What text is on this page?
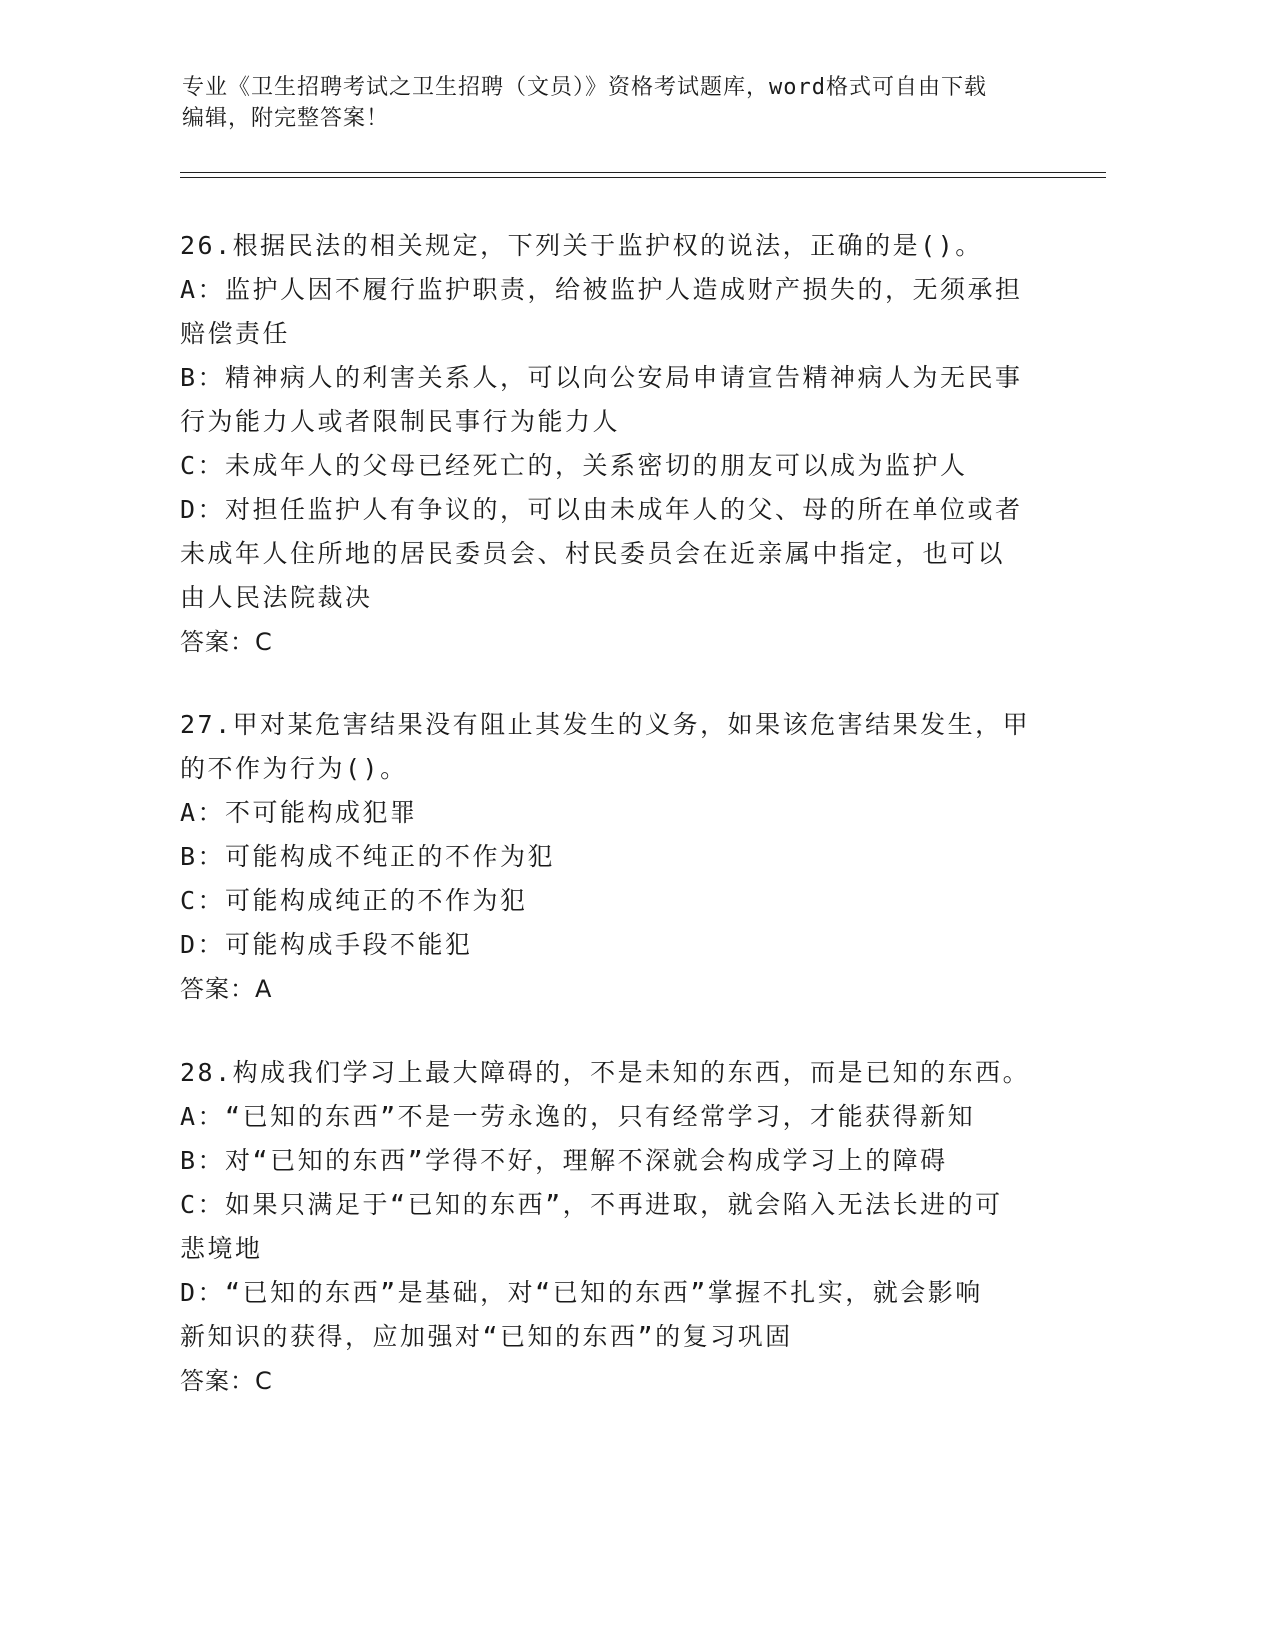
专业《卫生招聘考试之卫生招聘（文员）》资格考试题库，word格式可自由下载
编辑，附完整答案！
26.根据民法的相关规定，下列关于监护权的说法，正确的是()。
A：监护人因不履行监护职责，给被监护人造成财产损失的，无须承担
赔偿责任
B：精神病人的利害关系人，可以向公安局申请宣告精神病人为无民事
行为能力人或者限制民事行为能力人
C：未成年人的父母已经死亡的，关系密切的朋友可以成为监护人
D：对担任监护人有争议的，可以由未成年人的父、母的所在单位或者
未成年人住所地的居民委员会、村民委员会在近亲属中指定，也可以
由人民法院裁决
答案：C
27.甲对某危害结果没有阻止其发生的义务，如果该危害结果发生，甲
的不作为行为()。
A：不可能构成犯罪
B：可能构成不纯正的不作为犯
C：可能构成纯正的不作为犯
D：可能构成手段不能犯
答案：A
28.构成我们学习上最大障碍的，不是未知的东西，而是已知的东西。
A：“已知的东西”不是一劳永逸的，只有经常学习，才能获得新知
B：对“已知的东西”学得不好，理解不深就会构成学习上的障碍
C：如果只满足于“已知的东西”，不再进取，就会陷入无法长进的可
悲境地
D：“已知的东西”是基础，对“已知的东西”掌握不扎实，就会影响
新知识的获得，应加强对“已知的东西”的复习巩固
答案：C
